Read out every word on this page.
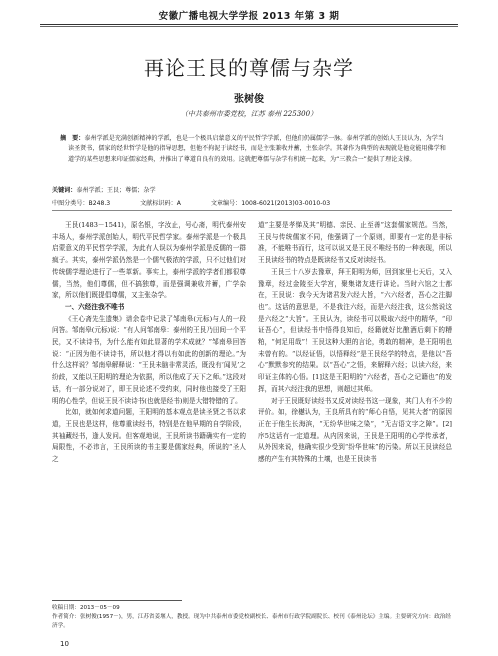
安徽广播电视大学学报 2013 年第 3 期
再论王艮的尊儒与杂学
张树俊
（中共泰州市委党校，江苏 泰州 225300）
摘　要：泰州学派是充满创新精神的学派，也是一个极具启蒙意义的平民哲学学派，但他们仍属儒学一脉。泰州学派的创始人王艮认为，为学当读圣贤书，儒家的经世哲学是他的指导思想，但他不拘泥于读经书，而是主张兼收并蓄，主张杂学。其著作为典型的表现就是他竟能用佛学和道学的某些思想来印证儒家经典，并推出了尊道自良有的效用。这就把尊儒与杂学有机统一起来，为“三教合一”提供了理论支撑。
关键词：泰州学派；王艮；尊儒；杂学
中图分类号：B248.3	文献标识码：A	文章编号：1008-6021(2013)03-0010-03

王艮(1483－1541)，原名银，字汝止，号心斋，明代泰州安丰场人，泰州学派创始人，明代平民哲学家。泰州学派是一个极具启蒙意义的平民哲学学派，为此有人误以为泰州学派是反儒的一群疯子。其实，泰州学派仍然是一个儒气极浓的学派，只不过他们对传统儒学理论进行了一些革新。事实上，泰州学派的学者们都很尊儒，当然，他们尊儒，但不搞独尊，而是强调兼收并蓄，广学杂家，所以他们既提倡尊儒，又主张杂学。

一、六经注我不唯书

《王心斋先生遗集》谱余卷中记录了邹南皋(元标)与人的一段问答。邹南皋(元标)说：“有人问邹南皋：泰州的王艮乃田间一个平民，又不读诗书，为什么能有如此显著的学术成就？”邹南皋回答说：“正因为他不读诗书，所以他才得以有如此的创新的理论。”为什么这样说？邹南皋解释说：“王艮未脑非常灵活，既没有‘闻见’之纷歧，又能以王阳明的理论为依据，所以他成了天下之师。”这段对话，有一部分说对了，即王艮论述不受约束，同时他也接受了王阳明的心性学，但说王艮不读诗书(也就是经书)则是大错特错的了。

比如，就如何求道问题，王阳明的基本观点是读圣贤之书以求道，王艮也是这样，他尊重读经书，特别是在他早期的自学阶段，其袖藏经书，逢人发问。但客观地说，王艮所读书籍确实有一定的局限性，不必讳言，王艮所读的书主要是儒家经典，所说的“圣人之

道”主要是孝悌及其“明德、亲民、止至善”这套儒家规范。当然，王艮与传统儒家不同，他强调了一个原则，即要有一定的是非标准，不能唯书而行，这可以说又是王艮不唯经书的一种表现，所以王艮读经书的特点是既读经书又反对读经书。

王艮三十八岁去豫章，拜王阳明为师，回到家里七天后，又入豫章，经过金陵至大学宫，聚集诸友进行讲论。当时六馆之士都在，王艮说：我今天为诸君发六经大旨，“六六经者，吾心之注脚也”。这话的意思是，不是我注六经，而是六经注我，这公然说这是六经之“大旨”。王艮认为，读经书可以吸取六经中的精华，“印证吾心”，但读经书中悟得良知后，经籍就好比酿酒后剩下的糟粕，“何足用哉”！王艮这种大胆的言论，勇敢的精神，是王阳明也未曾有的。“以经证悟，以悟释经”是王艮经学的特点，是他以“吾心”默默参究的结果。以“吾心”之悟，来解释六经；以读六经，来印证主体的心悟。[1]这是王阳明的“六经者，吾心之记籍也”的发挥，而其六经注我的思想，则超过其师。

对于王艮既好读经书又反对读经书这一现象，其门人有不少的评价。如，徐樾认为，王良所具有的“师心自悟，见其大者”的原因正在于他生长海滨，“无纷华世味之染”，“无吉语文字之障”。[2]序5这话有一定道理。从内因来说，王艮是王阳明的心学传承者，从外因来说，他确实很少受到“纷华世味”的污染。所以王艮读经总感的产生有其特殊的土壤，也是王艮读书

收稿日期：2013－05－09
作者简介：张树俊(1957－)，男，江苏省姜堰人，教授。现为中共泰州市委党校副校长、泰州市行政学院副院长、校刊《泰州论坛》主编。主要研究方向：政治经济学。
10
